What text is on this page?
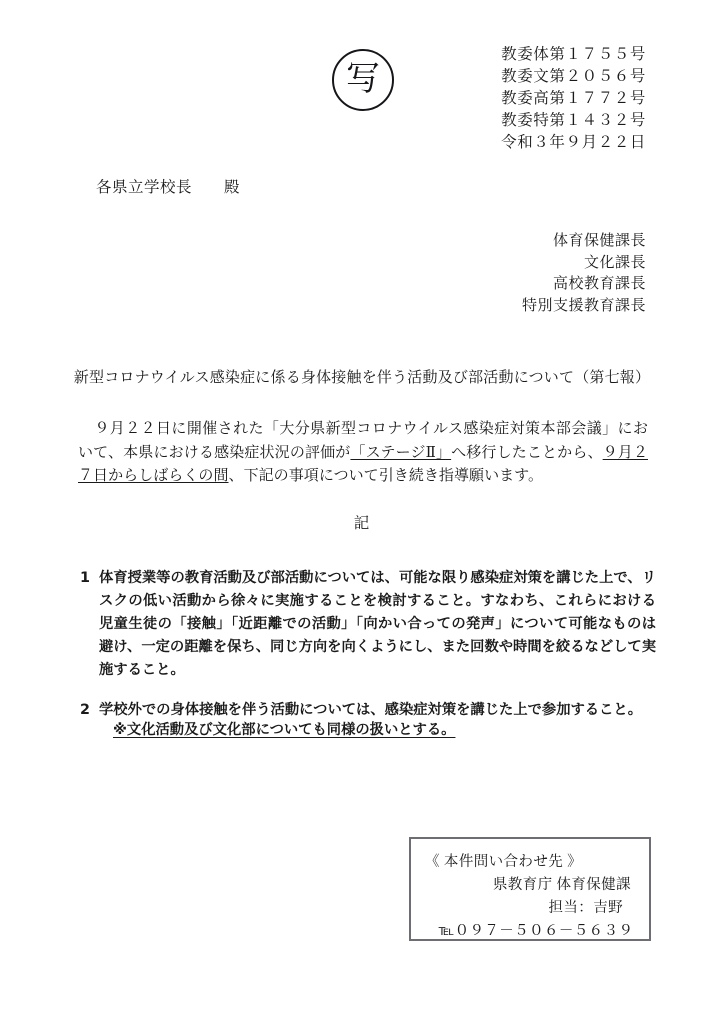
写
教委体第１７５５号
教委文第２０５６号
教委高第１７７２号
教委特第１４３２号
令和３年９月２２日
各県立学校長　　殿
体育保健課長
文化課長
高校教育課長
特別支援教育課長
新型コロナウイルス感染症に係る身体接触を伴う活動及び部活動について（第七報）
９月２２日に開催された「大分県新型コロナウイルス感染症対策本部会議」において、本県における感染症状況の評価が「ステージⅡ」へ移行したことから、９月２７日からしばらくの間、下記の事項について引き続き指導願います。
記
1 体育授業等の教育活動及び部活動については、可能な限り感染症対策を講じた上で、リスクの低い活動から徐々に実施することを検討すること。すなわち、これらにおける児童生徒の「接触」「近距離での活動」「向かい合っての発声」について可能なものは避け、一定の距離を保ち、同じ方向を向くようにし、また回数や時間を絞るなどして実施すること。
2 学校外での身体接触を伴う活動については、感染症対策を講じた上で参加すること。
※文化活動及び文化部についても同様の扱いとする。
《 本件問い合わせ先 》
県教育庁 体育保健課
担当：吉野
℡０９７－５０６－５６３９
